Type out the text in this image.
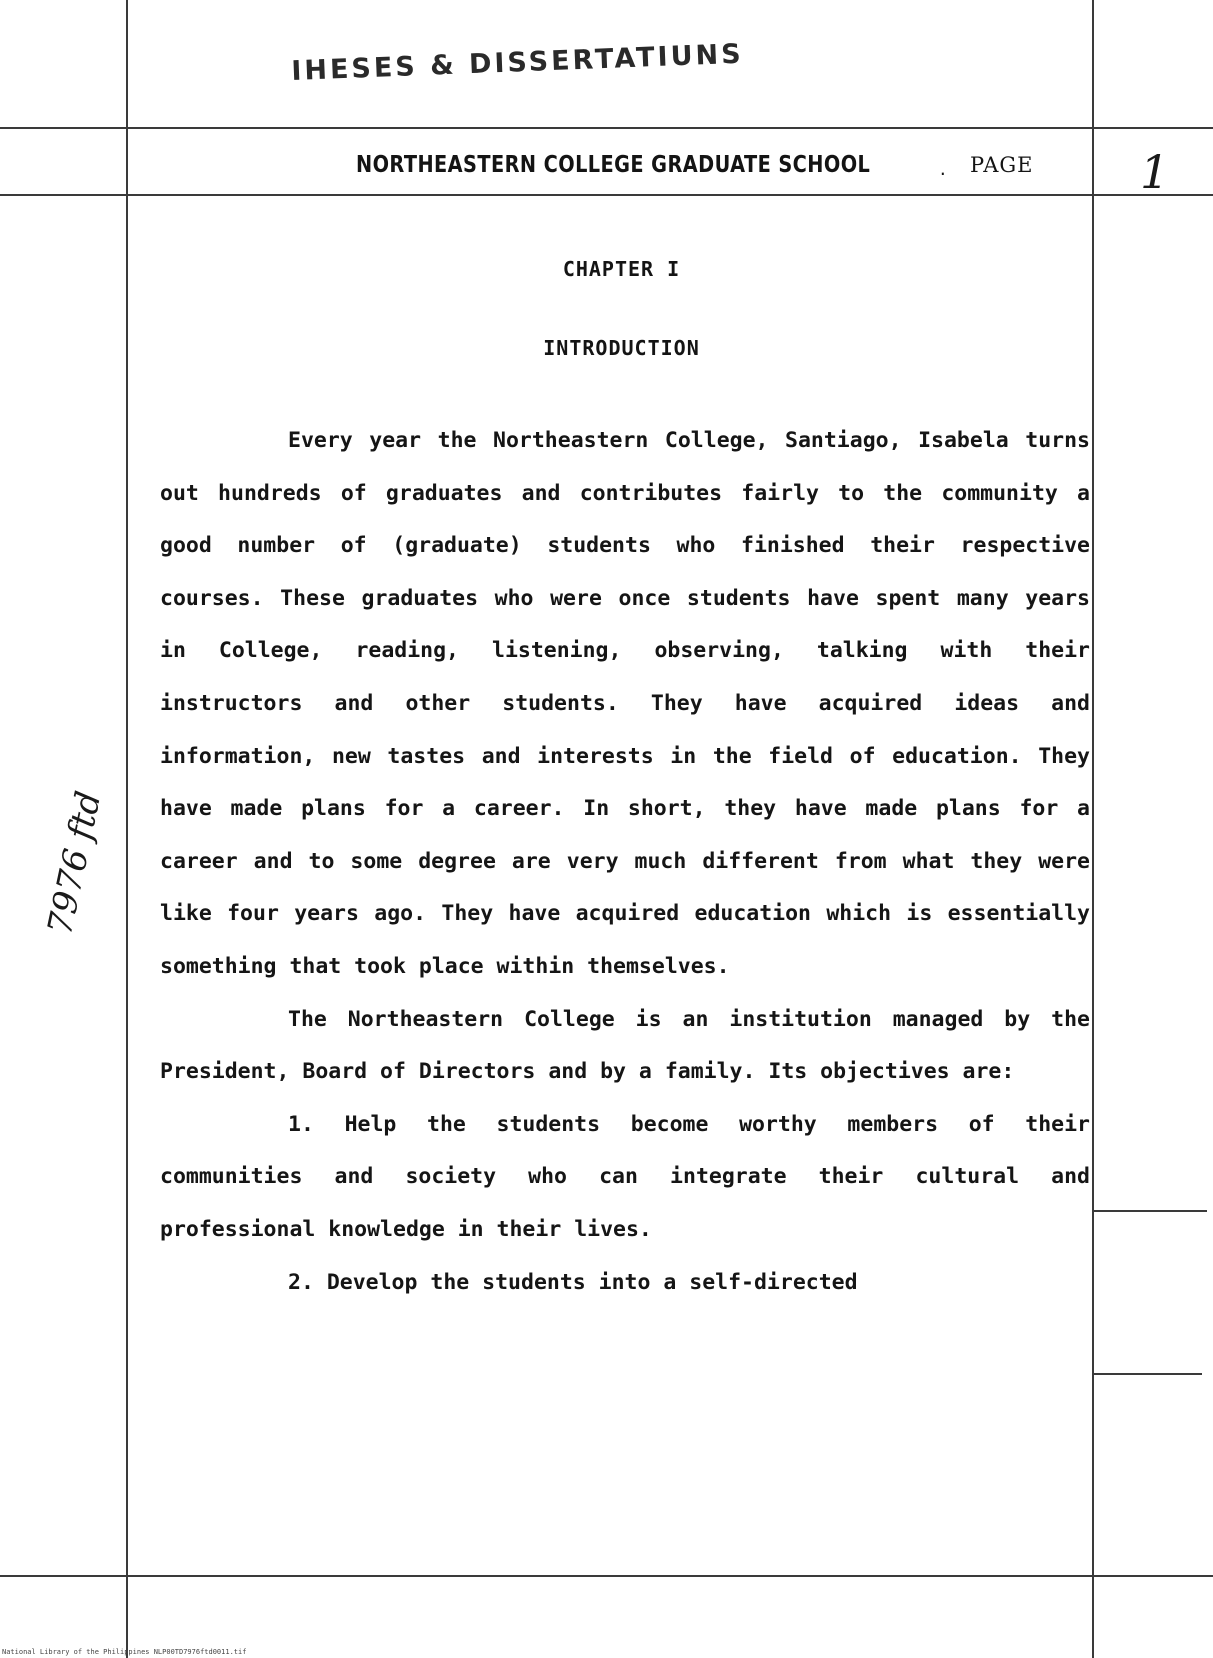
IHESES & DISSERTATIUNS
NORTHEASTERN COLLEGE GRADUATE SCHOOL	. PAGE 1
7976 ftd
CHAPTER I
INTRODUCTION

Every year the Northeastern College, Santiago, Isabela turns out hundreds of graduates and contributes fairly to the community a good number of (graduate) students who finished their respective courses. These graduates who were once students have spent many years in College, reading, listening, observing, talking with their instructors and other students. They have acquired ideas and information, new tastes and interests in the field of education. They have made plans for a career. In short, they have made plans for a career and to some degree are very much different from what they were like four years ago. They have acquired education which is essentially something that took place within themselves.

The Northeastern College is an institution managed by the President, Board of Directors and by a family. Its objectives are:

1. Help the students become worthy members of their communities and society who can integrate their cultural and professional knowledge in their lives.

2. Develop the students into a self-directed

National Library of the Philippines NLP00TD7976ftd0011.tif
